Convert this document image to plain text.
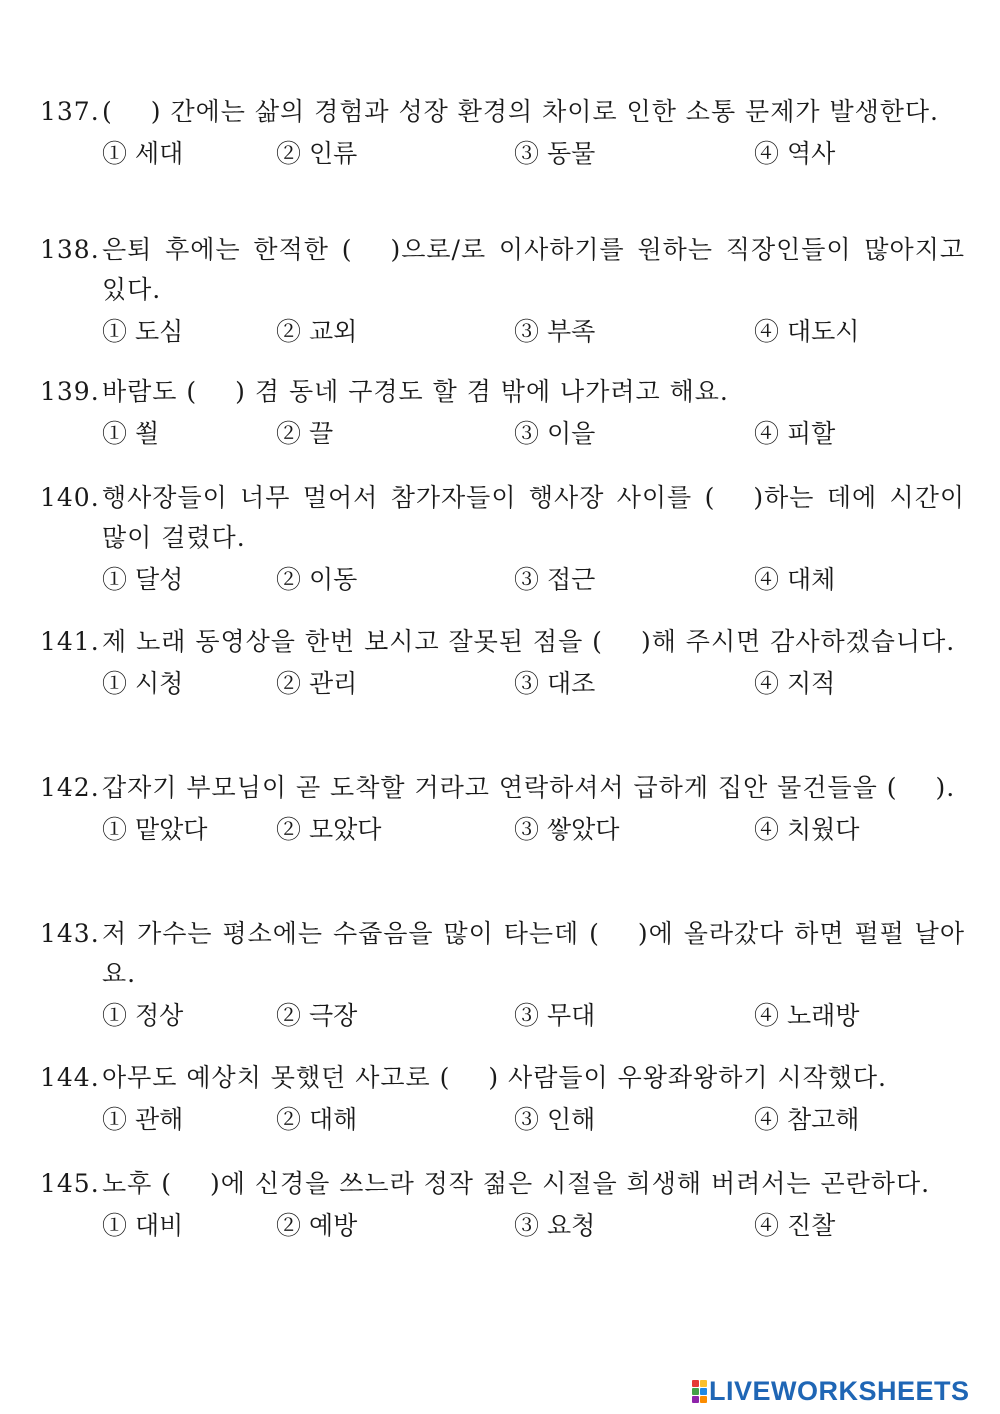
137.( ) 간에는 삶의 경험과 성장 환경의 차이로 인한 소통 문제가 발생한다.
① 세대	② 인류	③ 동물	④ 역사
138.은퇴 후에는 한적한 ( )으로/로 이사하기를 원하는 직장인들이 많아지고 있다.
① 도심	② 교외	③ 부족	④ 대도시
139.바람도 ( ) 겸 동네 구경도 할 겸 밖에 나가려고 해요.
① 쐴	② 끌	③ 이을	④ 피할
140.행사장들이 너무 멀어서 참가자들이 행사장 사이를 ( )하는 데에 시간이 많이 걸렸다.
① 달성	② 이동	③ 접근	④ 대체
141.제 노래 동영상을 한번 보시고 잘못된 점을 ( )해 주시면 감사하겠습니다.
① 시청	② 관리	③ 대조	④ 지적
142.갑자기 부모님이 곧 도착할 거라고 연락하셔서 급하게 집안 물건들을 ( ).
① 맡았다	② 모았다	③ 쌓았다	④ 치웠다
143.저 가수는 평소에는 수줍음을 많이 타는데 ( )에 올라갔다 하면 펄펄 날아요.
① 정상	② 극장	③ 무대	④ 노래방
144.아무도 예상치 못했던 사고로 ( ) 사람들이 우왕좌왕하기 시작했다.
① 관해	② 대해	③ 인해	④ 참고해
145.노후 ( )에 신경을 쓰느라 정작 젊은 시절을 희생해 버려서는 곤란하다.
① 대비	② 예방	③ 요청	④ 진찰
LIVEWORKSHEETS
